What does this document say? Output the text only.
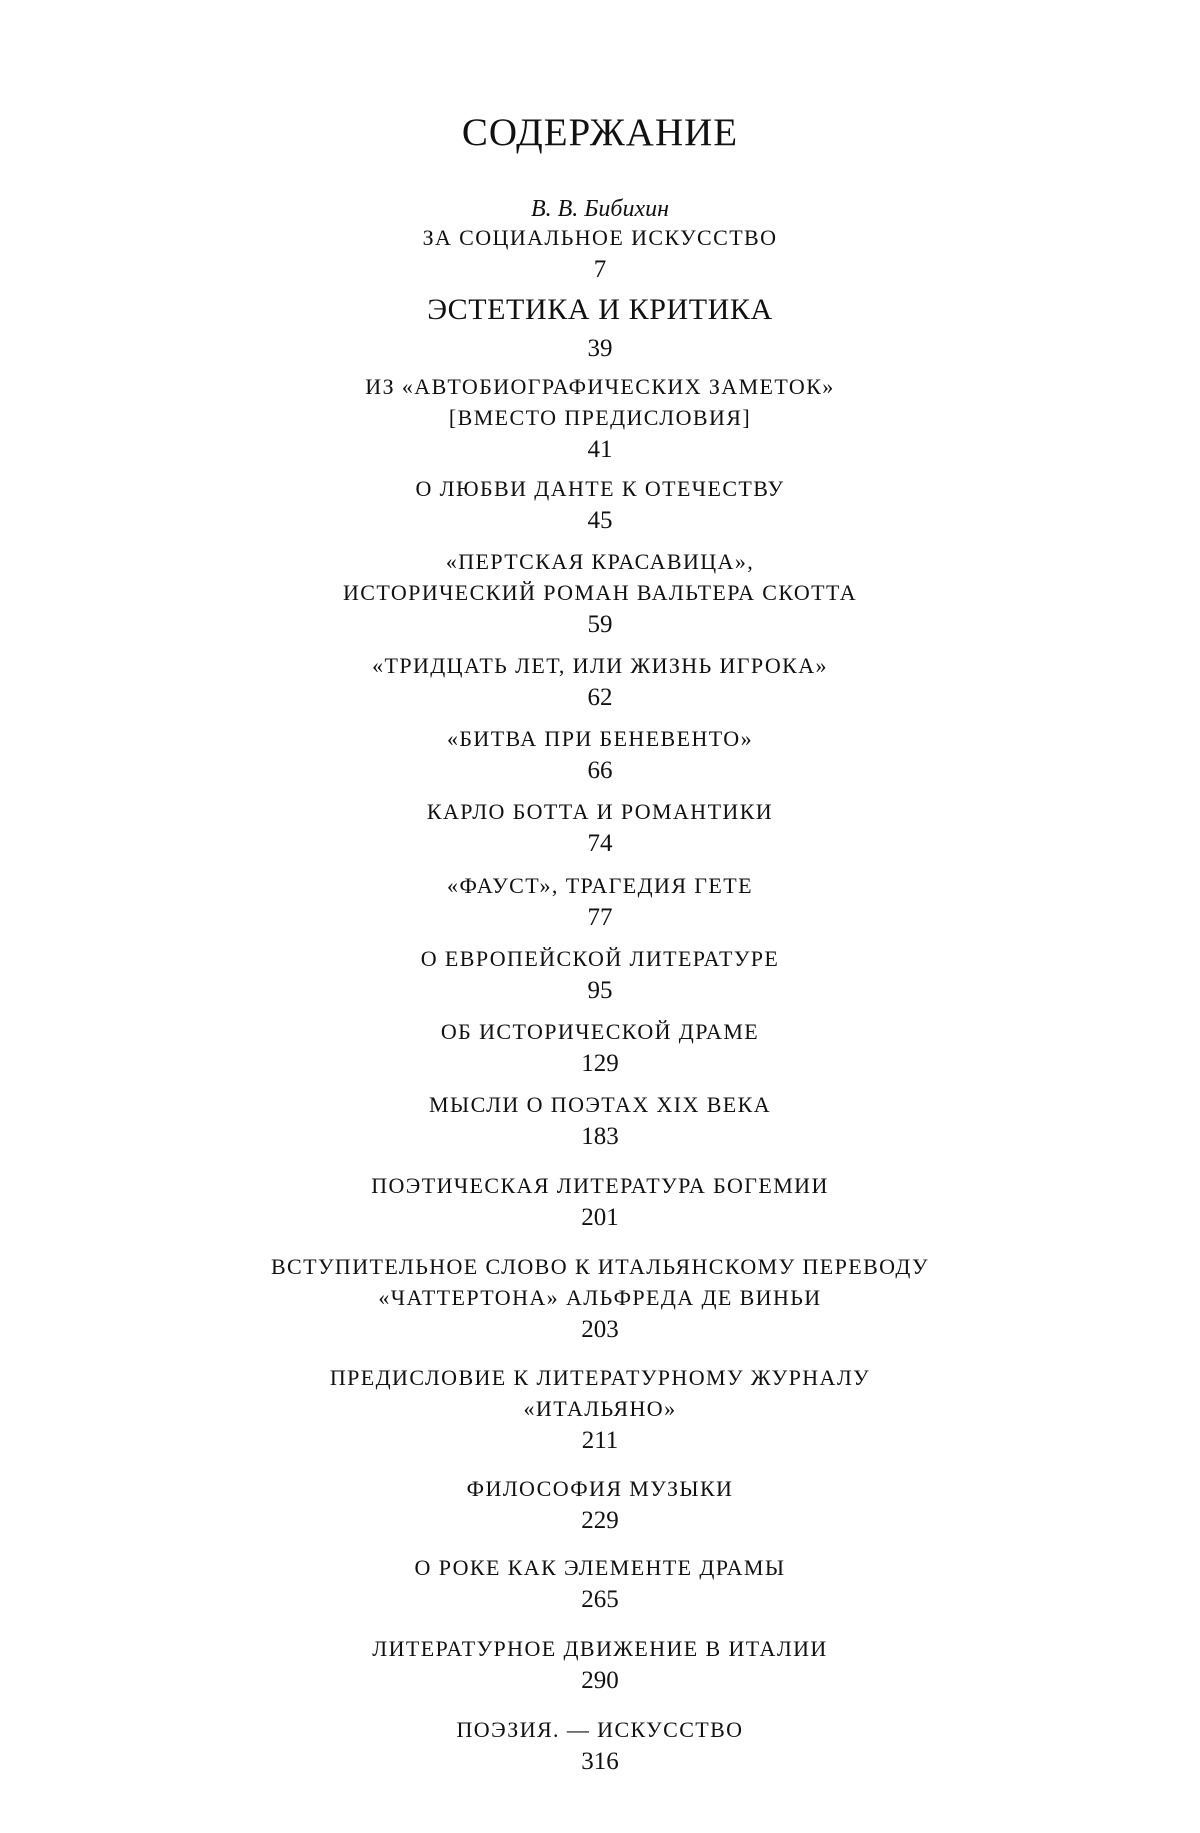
СОДЕРЖАНИЕ
В. В. Бибихин
ЗА СОЦИАЛЬНОЕ ИСКУССТВО
7
ЭСТЕТИКА И КРИТИКА
39
ИЗ «АВТОБИОГРАФИЧЕСКИХ ЗАМЕТОК»
[ВМЕСТО ПРЕДИСЛОВИЯ]
41
О ЛЮБВИ ДАНТЕ К ОТЕЧЕСТВУ
45
«ПЕРТСКАЯ КРАСАВИЦА»,
ИСТОРИЧЕСКИЙ РОМАН ВАЛЬТЕРА СКОТТА
59
«ТРИДЦАТЬ ЛЕТ, ИЛИ ЖИЗНЬ ИГРОКА»
62
«БИТВА ПРИ БЕНЕВЕНТО»
66
КАРЛО БОТТА И РОМАНТИКИ
74
«ФАУСТ», ТРАГЕДИЯ ГЕТЕ
77
О ЕВРОПЕЙСКОЙ ЛИТЕРАТУРЕ
95
ОБ ИСТОРИЧЕСКОЙ ДРАМЕ
129
МЫСЛИ О ПОЭТАХ XIX ВЕКА
183
ПОЭТИЧЕСКАЯ ЛИТЕРАТУРА БОГЕМИИ
201
ВСТУПИТЕЛЬНОЕ СЛОВО К ИТАЛЬЯНСКОМУ ПЕРЕВОДУ
«ЧАТТЕРТОНА» АЛЬФРЕДА ДЕ ВИНЬИ
203
ПРЕДИСЛОВИЕ К ЛИТЕРАТУРНОМУ ЖУРНАЛУ
«ИТАЛЬЯНО»
211
ФИЛОСОФИЯ МУЗЫКИ
229
О РОКЕ КАК ЭЛЕМЕНТЕ ДРАМЫ
265
ЛИТЕРАТУРНОЕ ДВИЖЕНИЕ В ИТАЛИИ
290
ПОЭЗИЯ. — ИСКУССТВО
316
